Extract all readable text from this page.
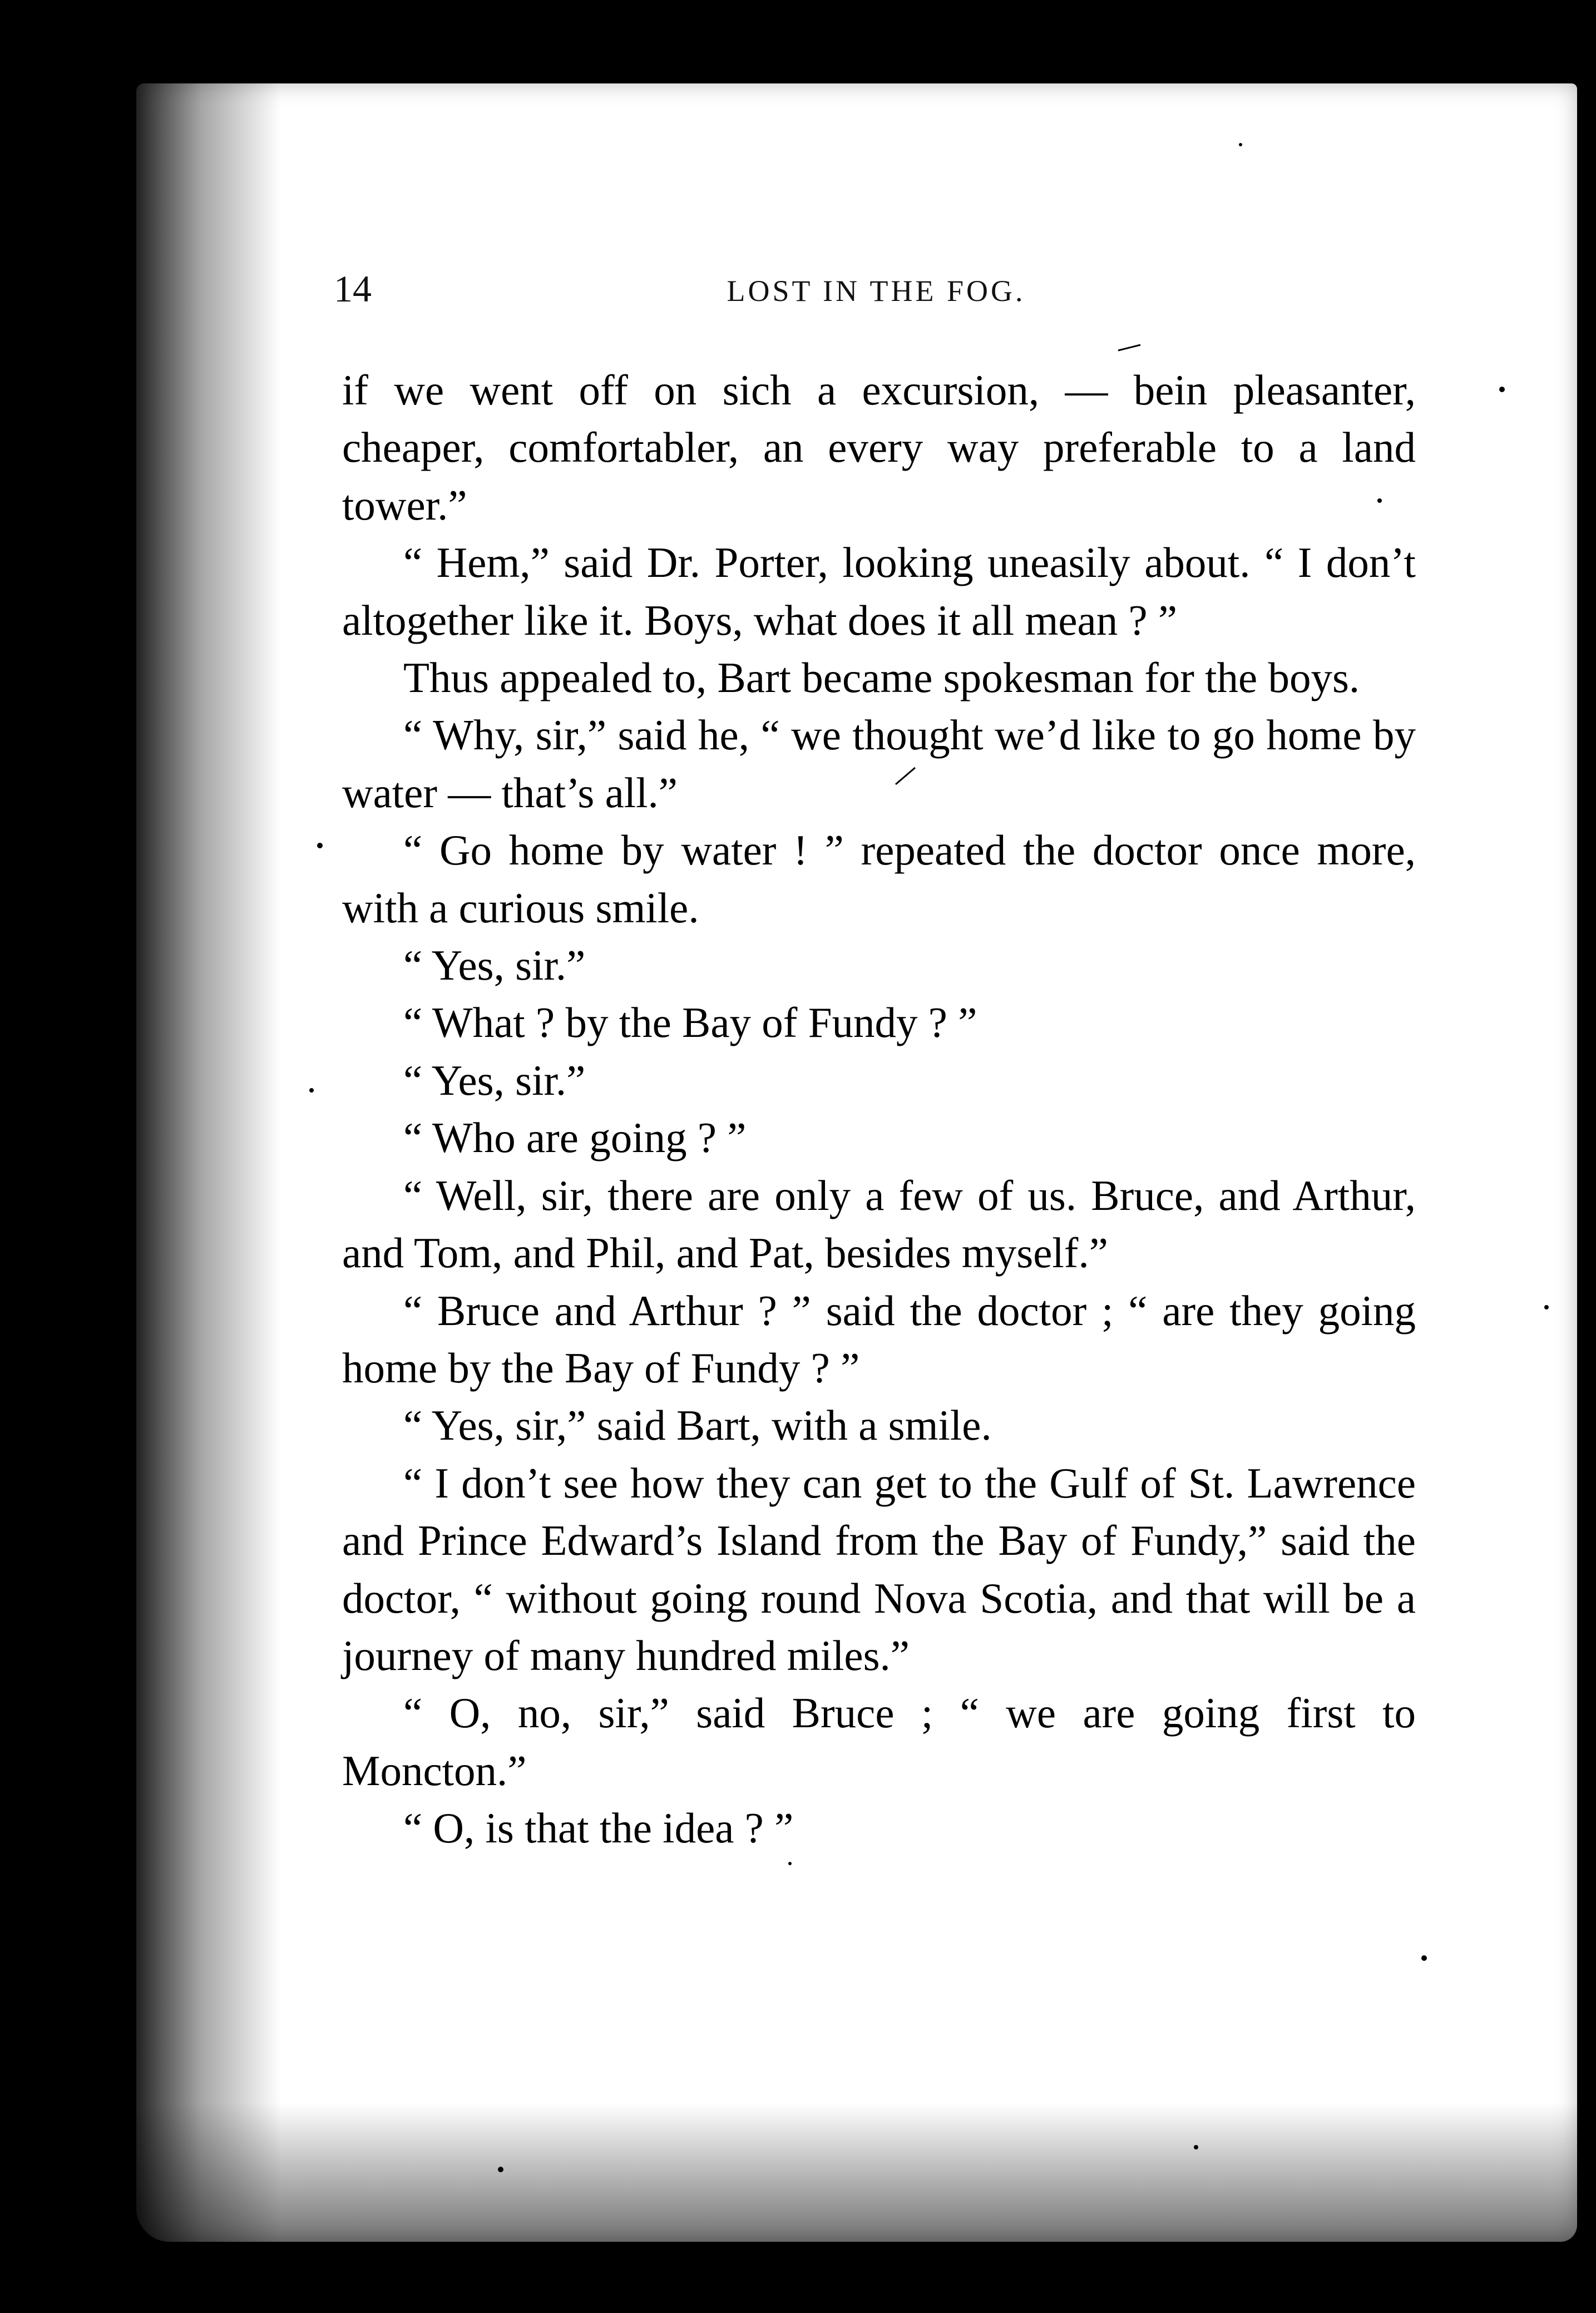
14	LOST IN THE FOG.

if we went off on sich a excursion, — bein pleasanter, cheaper, comfortabler, an every way preferable to a land tower.”

“ Hem,” said Dr. Porter, looking uneasily about. “ I don’t altogether like it. Boys, what does it all mean ? ”

Thus appealed to, Bart became spokesman for the boys.

“ Why, sir,” said he, “ we thought we’d like to go home by water — that’s all.”

“ Go home by water ! ” repeated the doctor once more, with a curious smile.

“ Yes, sir.”

“ What ? by the Bay of Fundy ? ”

“ Yes, sir.”

“ Who are going ? ”

“ Well, sir, there are only a few of us. Bruce, and Arthur, and Tom, and Phil, and Pat, besides myself.”

“ Bruce and Arthur ? ” said the doctor ; “ are they going home by the Bay of Fundy ? ”

“ Yes, sir,” said Bart, with a smile.

“ I don’t see how they can get to the Gulf of St. Lawrence and Prince Edward’s Island from the Bay of Fundy,” said the doctor, “ without going round Nova Scotia, and that will be a journey of many hundred miles.”

“ O, no, sir,” said Bruce ; “ we are going first to Moncton.”

“ O, is that the idea ? ”
